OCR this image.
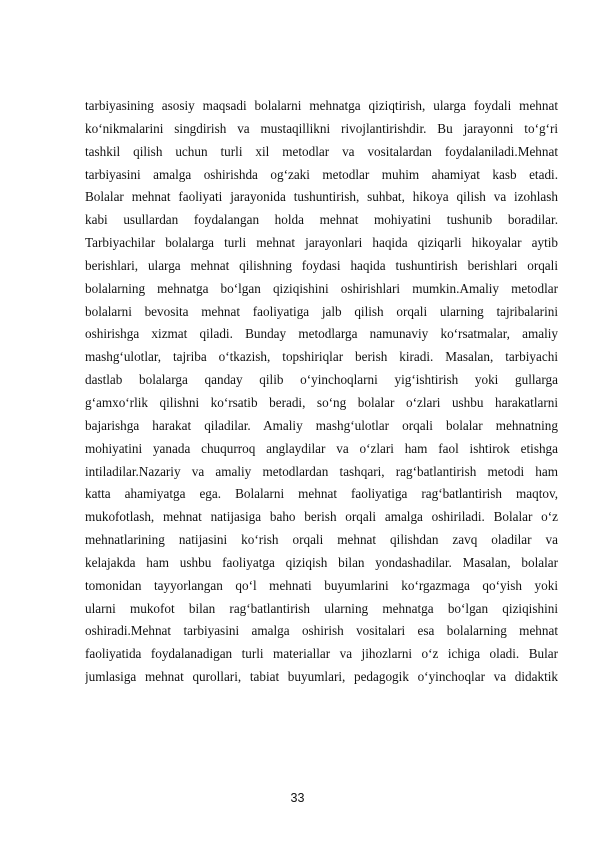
tarbiyasining asosiy maqsadi bolalarni mehnatga qiziqtirish, ularga foydali mehnat
ko‘nikmalarini singdirish va mustaqillikni rivojlantirishdir. Bu jarayonni to‘g‘ri
tashkil qilish uchun turli xil metodlar va vositalardan foydalaniladi.Mehnat
tarbiyasini amalga oshirishda og‘zaki metodlar muhim ahamiyat kasb etadi.
Bolalar mehnat faoliyati jarayonida tushuntirish, suhbat, hikoya qilish va izohlash
kabi usullardan foydalangan holda mehnat mohiyatini tushunib boradilar.
Tarbiyachilar bolalarga turli mehnat jarayonlari haqida qiziqarli hikoyalar aytib
berishlari, ularga mehnat qilishning foydasi haqida tushuntirish berishlari orqali
bolalarning mehnatga bo‘lgan qiziqishini oshirishlari mumkin.Amaliy metodlar
bolalarni bevosita mehnat faoliyatiga jalb qilish orqali ularning tajribalarini
oshirishga xizmat qiladi. Bunday metodlarga namunaviy ko‘rsatmalar, amaliy
mashg‘ulotlar, tajriba o‘tkazish, topshiriqlar berish kiradi. Masalan, tarbiyachi
dastlab bolalarga qanday qilib o‘yinchoqlarni yig‘ishtirish yoki gullarga
g‘amxo‘rlik qilishni ko‘rsatib beradi, so‘ng bolalar o‘zlari ushbu harakatlarni
bajarishga harakat qiladilar. Amaliy mashg‘ulotlar orqali bolalar mehnatning
mohiyatini yanada chuqurroq anglaydilar va o‘zlari ham faol ishtirok etishga
intiladilar.Nazariy va amaliy metodlardan tashqari, rag‘batlantirish metodi ham
katta ahamiyatga ega. Bolalarni mehnat faoliyatiga rag‘batlantirish maqtov,
mukofotlash, mehnat natijasiga baho berish orqali amalga oshiriladi. Bolalar o‘z
mehnatlarining natijasini ko‘rish orqali mehnat qilishdan zavq oladilar va
kelajakda ham ushbu faoliyatga qiziqish bilan yondashadilar. Masalan, bolalar
tomonidan tayyorlangan qo‘l mehnati buyumlarini ko‘rgazmaga qo‘yish yoki
ularni mukofot bilan rag‘batlantirish ularning mehnatga bo‘lgan qiziqishini
oshiradi.Mehnat tarbiyasini amalga oshirish vositalari esa bolalarning mehnat
faoliyatida foydalanadigan turli materiallar va jihozlarni o‘z ichiga oladi. Bular
jumlasiga mehnat qurollari, tabiat buyumlari, pedagogik o‘yinchoqlar va didaktik
33
